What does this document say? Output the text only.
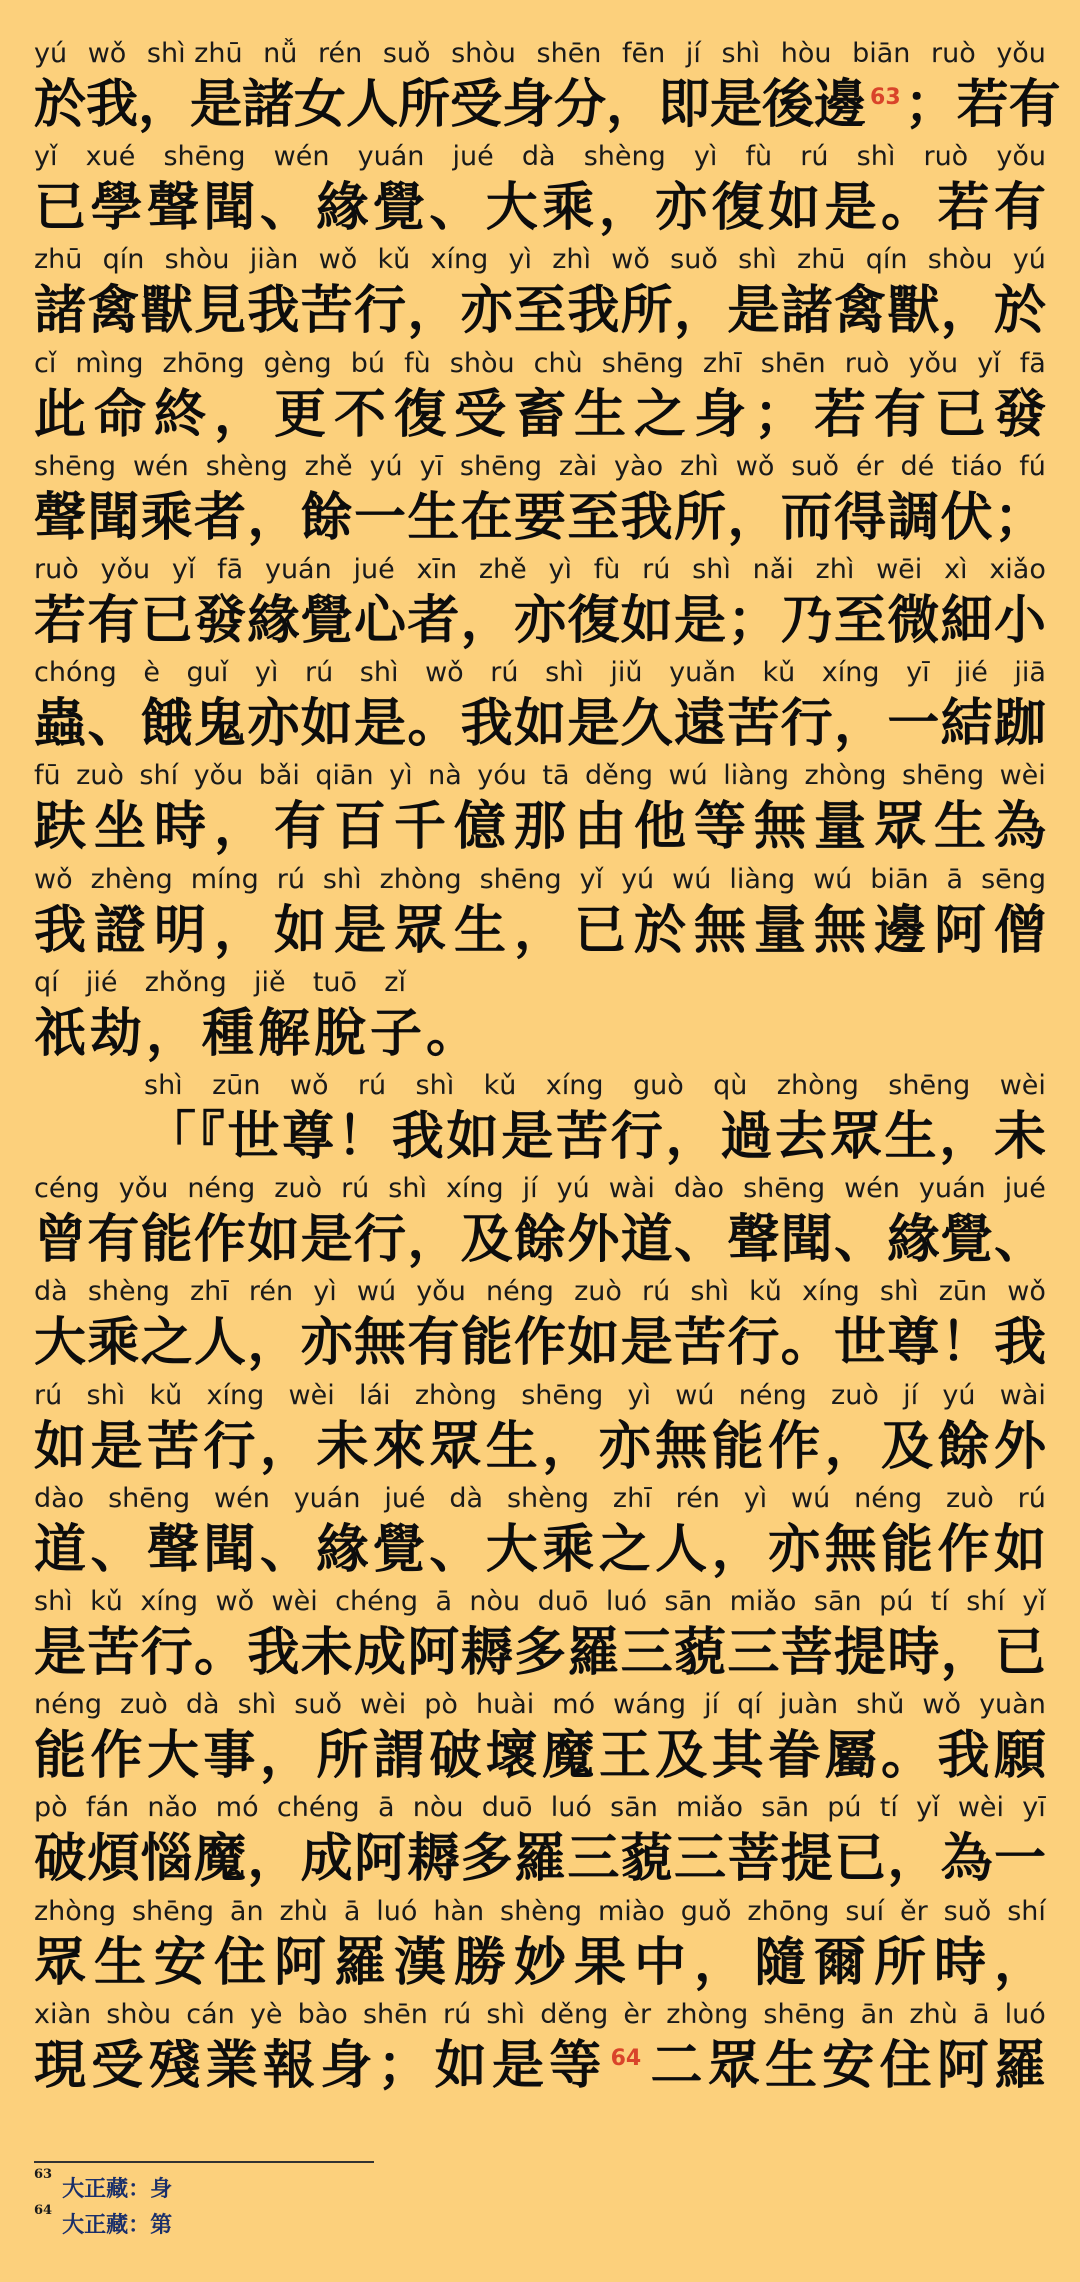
yú wǒ shì zhū nǚ rén suǒ shòu shēn fēn jí shì hòu biān ruò yǒu
於我，是諸女人所受身分，即是後邊 $^{63}$；若有
yǐ xué shēng wén yuán jué dà shèng yì fù rú shì ruò yǒu
已學聲聞、緣覺、大乘，亦復如是。若有
zhū qín shòu jiàn wǒ kǔ xíng yì zhì wǒ suǒ shì zhū qín shòu yú
諸禽獸見我苦行，亦至我所，是諸禽獸，於
cǐ mìng zhōng gèng bú fù shòu chù shēng zhī shēn ruò yǒu yǐ fā
此命終，更不復受畜生之身；若有已發
shēng wén shèng zhě yú yī shēng zài yào zhì wǒ suǒ ér dé tiáo fú
聲聞乘者，餘一生在要至我所，而得調伏；
ruò yǒu yǐ fā yuán jué xīn zhě yì fù rú shì nǎi zhì wēi xì xiǎo
若有已發緣覺心者，亦復如是；乃至微細小
chóng è guǐ yì rú shì wǒ rú shì jiǔ yuǎn kǔ xíng yī jié jiā
蟲、餓鬼亦如是。我如是久遠苦行，一結跏
fū zuò shí yǒu bǎi qiān yì nà yóu tā děng wú liàng zhòng shēng wèi
趺坐時，有百千億那由他等無量眾生為
wǒ zhèng míng rú shì zhòng shēng yǐ yú wú liàng wú biān ā sēng
我證明，如是眾生，已於無量無邊阿僧
qí jié zhǒng jiě tuō zǐ
祇劫，種解脫子。
shì zūn wǒ rú shì kǔ xíng guò qù zhòng shēng wèi
「『世尊！我如是苦行，過去眾生，未
céng yǒu néng zuò rú shì xíng jí yú wài dào shēng wén yuán jué
曾有能作如是行，及餘外道、聲聞、緣覺、
dà shèng zhī rén yì wú yǒu néng zuò rú shì kǔ xíng shì zūn wǒ
大乘之人，亦無有能作如是苦行。世尊！我
rú shì kǔ xíng wèi lái zhòng shēng yì wú néng zuò jí yú wài
如是苦行，未來眾生，亦無能作，及餘外
dào shēng wén yuán jué dà shèng zhī rén yì wú néng zuò rú
道、聲聞、緣覺、大乘之人，亦無能作如
shì kǔ xíng wǒ wèi chéng ā nòu duō luó sān miǎo sān pú tí shí yǐ
是苦行。我未成阿耨多羅三藐三菩提時，已
néng zuò dà shì suǒ wèi pò huài mó wáng jí qí juàn shǔ wǒ yuàn
能作大事，所謂破壞魔王及其眷屬。我願
pò fán nǎo mó chéng ā nòu duō luó sān miǎo sān pú tí yǐ wèi yī
破煩惱魔，成阿耨多羅三藐三菩提已，為一
zhòng shēng ān zhù ā luó hàn shèng miào guǒ zhōng suí ěr suǒ shí
眾生安住阿羅漢勝妙果中，隨爾所時，
xiàn shòu cán yè bào shēn rú shì děng èr zhòng shēng ān zhù ā luó
現受殘業報身；如是等 $^{64}$二眾生安住阿羅
$^{63}$大正藏：身
$^{64}$大正藏：第
